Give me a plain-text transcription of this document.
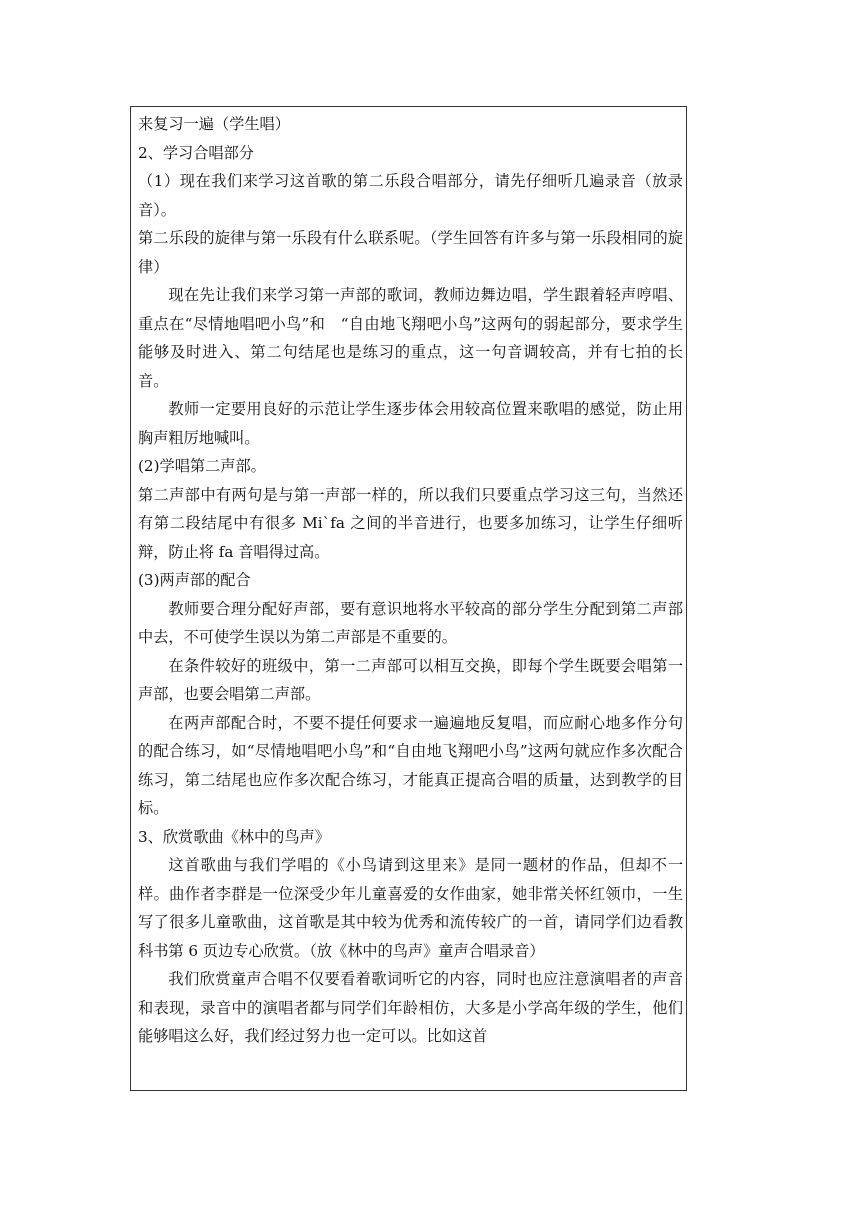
来复习一遍（学生唱）

2、学习合唱部分

（1）现在我们来学习这首歌的第二乐段合唱部分，请先仔细听几遍录音（放录音）。

第二乐段的旋律与第一乐段有什么联系呢。（学生回答有许多与第一乐段相同的旋律）

现在先让我们来学习第一声部的歌词，教师边舞边唱，学生跟着轻声哼唱、重点在“尽情地唱吧小鸟”和　“自由地飞翔吧小鸟”这两句的弱起部分，要求学生能够及时进入、第二句结尾也是练习的重点，这一句音调较高，并有七拍的长音。

教师一定要用良好的示范让学生逐步体会用较高位置来歌唱的感觉，防止用胸声粗厉地喊叫。

(2)学唱第二声部。

第二声部中有两句是与第一声部一样的，所以我们只要重点学习这三句，当然还有第二段结尾中有很多 Mi`fa 之间的半音进行，也要多加练习，让学生仔细听辩，防止将 fa 音唱得过高。

(3)两声部的配合

教师要合理分配好声部，要有意识地将水平较高的部分学生分配到第二声部中去，不可使学生误以为第二声部是不重要的。

在条件较好的班级中，第一二声部可以相互交换，即每个学生既要会唱第一声部，也要会唱第二声部。

在两声部配合时，不要不提任何要求一遍遍地反复唱，而应耐心地多作分句的配合练习，如“尽情地唱吧小鸟”和“自由地飞翔吧小鸟”这两句就应作多次配合练习，第二结尾也应作多次配合练习，才能真正提高合唱的质量，达到教学的目标。

3、欣赏歌曲《林中的鸟声》

这首歌曲与我们学唱的《小鸟请到这里来》是同一题材的作品，但却不一样。曲作者李群是一位深受少年儿童喜爱的女作曲家，她非常关怀红领巾，一生写了很多儿童歌曲，这首歌是其中较为优秀和流传较广的一首，请同学们边看教科书第 6 页边专心欣赏。（放《林中的鸟声》童声合唱录音）

我们欣赏童声合唱不仅要看着歌词听它的内容，同时也应注意演唱者的声音和表现，录音中的演唱者都与同学们年龄相仿，大多是小学高年级的学生，他们能够唱这么好，我们经过努力也一定可以。比如这首
